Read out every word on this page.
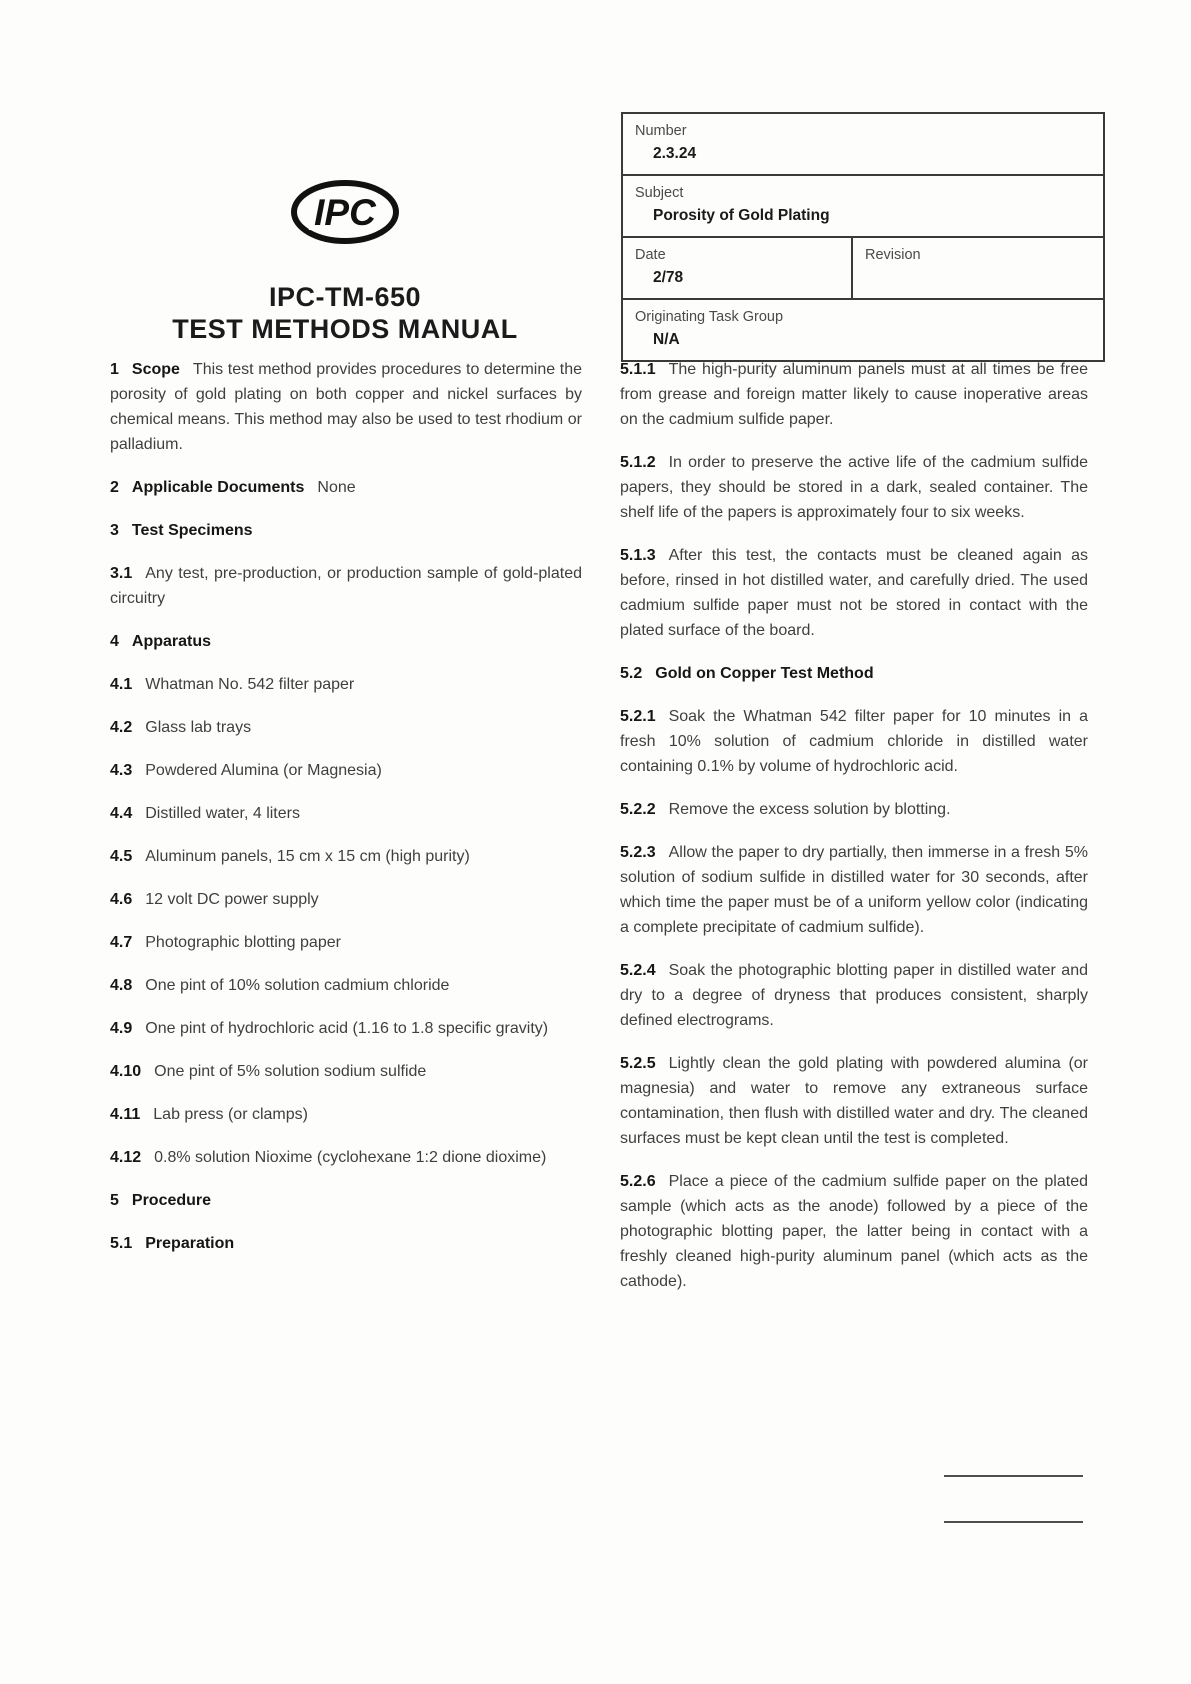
IPC
IPC-TM-650
TEST METHODS MANUAL
Number
2.3.24
Subject
Porosity of Gold Plating
Date
2/78
Revision
Originating Task Group
N/A

1 Scope This test method provides procedures to determine the porosity of gold plating on both copper and nickel surfaces by chemical means. This method may also be used to test rhodium or palladium.

2 Applicable Documents None

3 Test Specimens

3.1 Any test, pre-production, or production sample of gold-plated circuitry

4 Apparatus

4.1 Whatman No. 542 filter paper

4.2 Glass lab trays

4.3 Powdered Alumina (or Magnesia)

4.4 Distilled water, 4 liters

4.5 Aluminum panels, 15 cm x 15 cm (high purity)

4.6 12 volt DC power supply

4.7 Photographic blotting paper

4.8 One pint of 10% solution cadmium chloride

4.9 One pint of hydrochloric acid (1.16 to 1.8 specific gravity)

4.10 One pint of 5% solution sodium sulfide

4.11 Lab press (or clamps)

4.12 0.8% solution Nioxime (cyclohexane 1:2 dione dioxime)

5 Procedure

5.1 Preparation

5.1.1 The high-purity aluminum panels must at all times be free from grease and foreign matter likely to cause inoperative areas on the cadmium sulfide paper.

5.1.2 In order to preserve the active life of the cadmium sulfide papers, they should be stored in a dark, sealed container. The shelf life of the papers is approximately four to six weeks.

5.1.3 After this test, the contacts must be cleaned again as before, rinsed in hot distilled water, and carefully dried. The used cadmium sulfide paper must not be stored in contact with the plated surface of the board.

5.2 Gold on Copper Test Method

5.2.1 Soak the Whatman 542 filter paper for 10 minutes in a fresh 10% solution of cadmium chloride in distilled water containing 0.1% by volume of hydrochloric acid.

5.2.2 Remove the excess solution by blotting.

5.2.3 Allow the paper to dry partially, then immerse in a fresh 5% solution of sodium sulfide in distilled water for 30 seconds, after which time the paper must be of a uniform yellow color (indicating a complete precipitate of cadmium sulfide).

5.2.4 Soak the photographic blotting paper in distilled water and dry to a degree of dryness that produces consistent, sharply defined electrograms.

5.2.5 Lightly clean the gold plating with powdered alumina (or magnesia) and water to remove any extraneous surface contamination, then flush with distilled water and dry. The cleaned surfaces must be kept clean until the test is completed.

5.2.6 Place a piece of the cadmium sulfide paper on the plated sample (which acts as the anode) followed by a piece of the photographic blotting paper, the latter being in contact with a freshly cleaned high-purity aluminum panel (which acts as the cathode).
